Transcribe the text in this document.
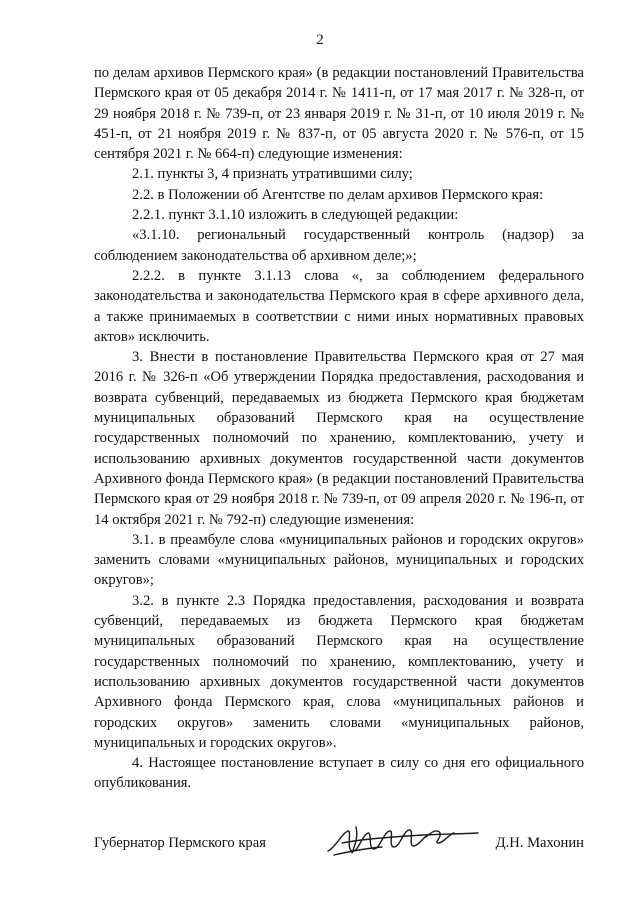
2

по делам архивов Пермского края» (в редакции постановлений Правительства Пермского края от 05 декабря 2014 г. № 1411-п, от 17 мая 2017 г. № 328-п, от 29 ноября 2018 г. № 739-п, от 23 января 2019 г. № 31-п, от 10 июля 2019 г. № 451-п, от 21 ноября 2019 г. № 837-п, от 05 августа 2020 г. № 576-п, от 15 сентября 2021 г. № 664-п) следующие изменения:

2.1. пункты 3, 4 признать утратившими силу;

2.2. в Положении об Агентстве по делам архивов Пермского края:

2.2.1. пункт 3.1.10 изложить в следующей редакции:

«3.1.10. региональный государственный контроль (надзор) за соблюдением законодательства об архивном деле;»;

2.2.2. в пункте 3.1.13 слова «, за соблюдением федерального законодательства и законодательства Пермского края в сфере архивного дела, а также принимаемых в соответствии с ними иных нормативных правовых актов» исключить.

3. Внести в постановление Правительства Пермского края от 27 мая 2016 г. № 326-п «Об утверждении Порядка предоставления, расходования и возврата субвенций, передаваемых из бюджета Пермского края бюджетам муниципальных образований Пермского края на осуществление государственных полномочий по хранению, комплектованию, учету и использованию архивных документов государственной части документов Архивного фонда Пермского края» (в редакции постановлений Правительства Пермского края от 29 ноября 2018 г. № 739-п, от 09 апреля 2020 г. № 196-п, от 14 октября 2021 г. № 792-п) следующие изменения:

3.1. в преамбуле слова «муниципальных районов и городских округов» заменить словами «муниципальных районов, муниципальных и городских округов»;

3.2. в пункте 2.3 Порядка предоставления, расходования и возврата субвенций, передаваемых из бюджета Пермского края бюджетам муниципальных образований Пермского края на осуществление государственных полномочий по хранению, комплектованию, учету и использованию архивных документов государственной части документов Архивного фонда Пермского края, слова «муниципальных районов и городских округов» заменить словами «муниципальных районов, муниципальных и городских округов».

4. Настоящее постановление вступает в силу со дня его официального опубликования.

Губернатор Пермского края	Д.Н. Махонин
